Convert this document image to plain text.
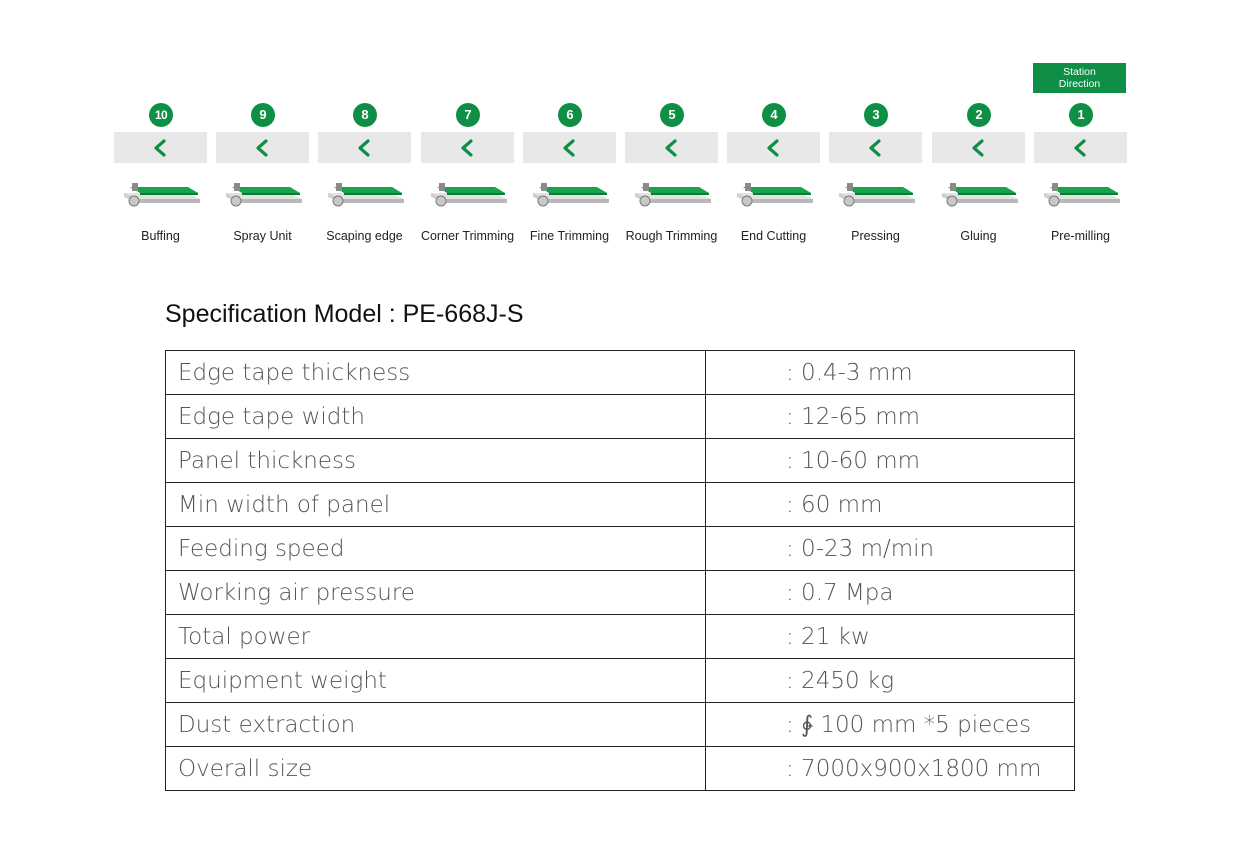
Station
Direction
10
Buffing
9
Spray Unit
8
Scaping edge
7
Corner Trimming
6
Fine Trimming
5
Rough Trimming
4
End Cutting
3
Pressing
2
Gluing
1
Pre-milling
Specification Model : PE-668J-S
Edge tape thickness	: 0.4-3 mm
Edge tape width	: 12-65 mm
Panel thickness	: 10-60 mm
Min width of panel	: 60 mm
Feeding speed	: 0-23 m/min
Working air pressure	: 0.7 Mpa
Total power	: 21 kw
Equipment weight	: 2450 kg
Dust extraction	: ∳ 100 mm *5 pieces
Overall size	: 7000x900x1800 mm
